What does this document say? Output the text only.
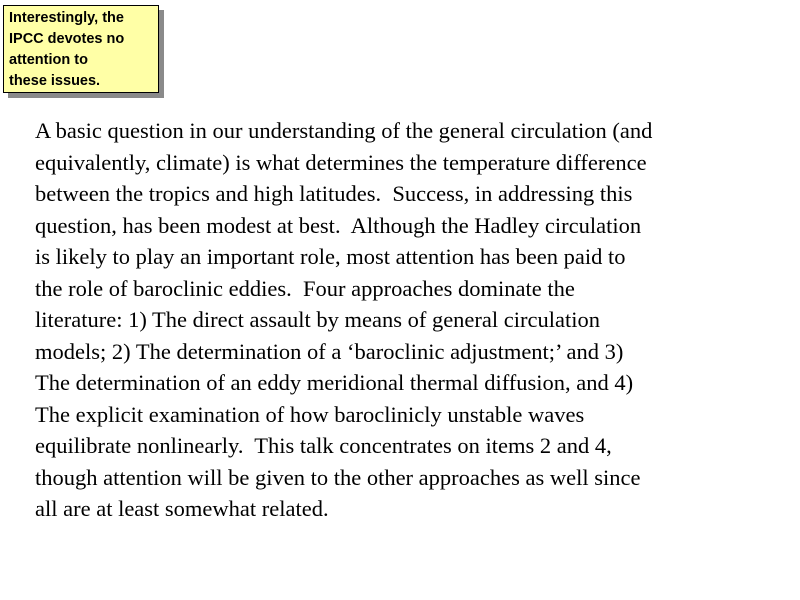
Interestingly, the
IPCC devotes no
attention to
these issues.
A basic question in our understanding of the general circulation (and
equivalently, climate) is what determines the temperature difference
between the tropics and high latitudes.  Success, in addressing this
question, has been modest at best.  Although the Hadley circulation
is likely to play an important role, most attention has been paid to
the role of baroclinic eddies.  Four approaches dominate the
literature: 1) The direct assault by means of general circulation
models; 2) The determination of a ‘baroclinic adjustment;’ and 3)
The determination of an eddy meridional thermal diffusion, and 4)
The explicit examination of how baroclinicly unstable waves
equilibrate nonlinearly.  This talk concentrates on items 2 and 4,
though attention will be given to the other approaches as well since
all are at least somewhat related.
